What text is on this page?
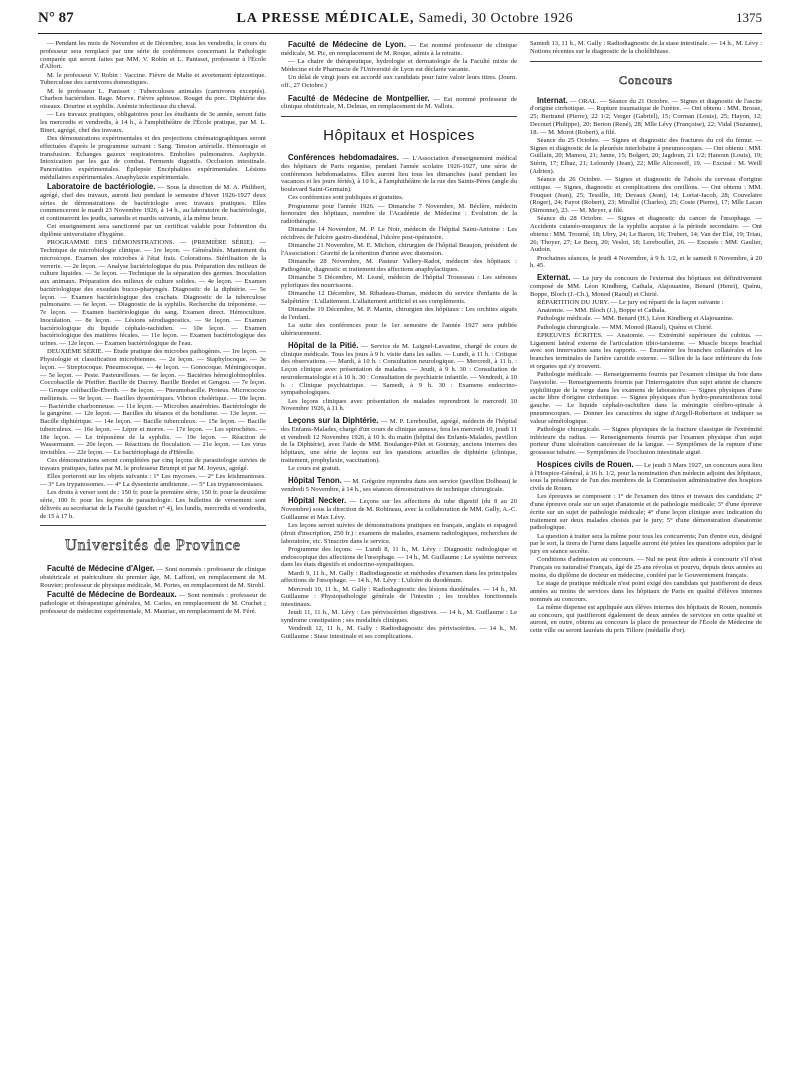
N° 87	LA PRESSE MÉDICALE, Samedi, 30 Octobre 1926	1375

— Pendant les mois de Novembre et de Décembre, tous les vendredis, le cours du professeur sera remplacé par une série de conférences concernant la Pathologie comparée qui seront faites par MM. V. Robin et L. Panisset, professeur à l'École d'Alfort.

M. le professeur V. Robin : Vaccine. Fièvre de Malte et avortement épizootique. Tuberculose des carnivores domestiques.

M. le professeur L. Panisset : Tuberculoses animales (carnivores exceptés). Charbon bactéridien. Rage. Morve. Fièvre aphteuse. Rouget du porc. Diphtérie des oiseaux. Dourine et syphilis. Anémie infectieuse du cheval.

— Les travaux pratiques, obligatoires pour les étudiants de 3e année, seront faits les mercredis et vendredis, à 14 h., à l'amphithéâtre de l'École pratique, par M. L. Binet, agrégé, chef des travaux.

Des démonstrations expérimentales et des projections cinématographiques seront effectuées d'après le programme suivant : Sang. Tension artérielle. Hémorragie et transfusion. Échanges gazeux respiratoires. Embolies pulmonaires. Asphyxie. Intoxication par les gaz de combat. Ferments digestifs. Occlusion intestinale. Pancréatites expérimentales. Épilepsie Encéphalites expérimentales. Lésions médullaires expérimentales. Anaphylaxie expérimentale.

Laboratoire de bactériologie. — Sous la direction de M. A. Philibert, agrégé, chef des travaux, auront lieu pendant le semestre d'hiver 1926-1927 deux séries de démonstrations de bactériologie avec travaux pratiques. Elles commenceront le mardi 23 Novembre 1926, à 14 h., au laboratoire de bactériologie, et continueront les jeudis, samedis et mardis suivants, à la même heure.

Cet enseignement sera sanctionné par un certificat valable pour l'obtention du diplôme universitaire d'hygiène.

PROGRAMME DES DÉMONSTRATIONS. — (PREMIÈRE SÉRIE). — Technique de microbiologie clinique. — 1re leçon. — Généralités. Maniement du microscope. Examen des microbes à l'état frais. Colorations. Stérilisation de la verrerie. — 2e leçon. — Analyse bactériologique du pus. Préparation des milieux de culture liquides. — 3e leçon. — Technique de la séparation des germes. Inoculation aux animaux. Préparation des milieux de culture solides. — 4e leçon. — Examen bactériologique des exsudats bucco-pharyngés. Diagnostic de la diphtérie. — 5e leçon. — Examen bactériologique des crachats. Diagnostic de la tuberculose pulmonaire. — 6e leçon. — Diagnostic de la syphilis. Recherche du tréponème. — 7e leçon. — Examen bactériologique du sang. Examen direct. Hémoculture. Inoculation. — 8e leçon. — Lésions sérodiagnostics. — 9e leçon. — Examen bactériologique du liquide céphalo-rachidien. — 10e leçon. — Examen bactériologique des matières fécales. — 11e leçon. — Examen bactériologique des urines. — 12e leçon. — Examen bactériologique de l'eau.

DEUXIÈME SÉRIE. — Étude pratique des microbes pathogènes. — 1re leçon. — Physiologie et classification microbiennes. — 2e leçon. — Staphylocoque. — 3e leçon. — Streptocoque. Pneumocoque. — 4e leçon. — Gonocoque. Méningocoque. — 5e leçon. — Peste. Pasteurelloses. — 6e leçon. — Bactéries hémoglobinophiles. Coccobacille de Pfeiffer. Bacille de Ducrey. Bacille Bordet et Gengou. — 7e leçon. — Groupe colibacille-Eberth. — 8e leçon. — Pneumobacille. Proteus. Micrococcus melitensis. — 9e leçon. — Bacilles dysentériques. Vibrion cholérique. — 10e leçon. — Bactéridie charbonneuse. — 11e leçon. — Microbes anaérobies. Bactériologie de la gangrène. — 12e leçon. — Bacilles du tétanos et du botulisme. — 13e leçon. — Bacille diphtérique. — 14e leçon. — Bacille tuberculeux. — 15e leçon. — Bacille tuberculeux. — 16e leçon. — Lèpre et morve. — 17e leçon. — Les spirochètes. — 18e leçon. — Le tréponème de la syphilis. — 19e leçon. — Réaction de Wassermann. — 20e leçon. — Réactions de floculation. — 21e leçon. — Les virus invisibles. — 22e leçon. — Le bactériophage de d'Hérelle.

Ces démonstrations seront complétées par cinq leçons de parasitologie suivies de travaux pratiques, faites par M. le professeur Brumpt et par M. Joyeux, agrégé.

Elles porteront sur les objets suivants : 1° Les mycoses. — 2° Les leishmanioses. — 3° Les trypanosomes. — 4° La dysenterie amibienne. — 5° Les trypanosomiases.

Les droits à verser sont de : 150 fr. pour la première série, 150 fr. pour la deuxième série, 100 fr. pour les leçons de parasitologie. Les bulletins de versement sont délivrés au secrétariat de la Faculté (guichet n° 4), les lundis, mercredis et vendredis, de 15 à 17 h.

Universités de Province

Faculté de Médecine d'Alger. — Sont nommés : professeur de clinique obstétricale et puériculture du premier âge, M. Laffont, en remplacement de M. Rouvier; professeur de physique médicale, M. Portes, en remplacement de M. Strohl.

Faculté de Médecine de Bordeaux. — Sont nommés : professeur de pathologie et thérapeutique générales, M. Carles, en remplacement de M. Cruchet ; professeur de médecine expérimentale, M. Mauriac, en remplacement de M. Féré.

Faculté de Médecine de Lyon. — Est nommé professeur de clinique médicale, M. Pic, en remplacement de M. Roque, admis à la retraite.

— La chaire de thérapeutique, hydrologie et dermatologie de la Faculté mixte de Médecine et de Pharmacie de l'Université de Lyon est déclarée vacante.

Un délai de vingt jours est accordé aux candidats pour faire valoir leurs titres. (Journ. off., 27 Octobre.)

Faculté de Médecine de Montpellier. — Est nommé professeur de clinique obstétricale, M. Delmas, en remplacement de M. Vallois.

Hôpitaux et Hospices

Conférences hebdomadaires. — L'Association d'enseignement médical des hôpitaux de Paris organise, pendant l'année scolaire 1926-1927, une série de conférences hebdomadaires. Elles auront lieu tous les dimanches (sauf pendant les vacances et les jours fériés), à 10 h., à l'amphithéâtre de la rue des Saints-Pères (angle du boulevard Saint-Germain).

Ces conférences sont publiques et gratuites.

Programme pour l'année 1926. — Dimanche 7 Novembre, M. Béclère, médecin honoraire des hôpitaux, membre de l'Académie de Médecine : Évolution de la radiothérapie.

Dimanche 14 Novembre, M. P. Le Noir, médecin de l'hôpital Saint-Antoine : Les récidives de l'ulcère gastro-duodénal, l'ulcère post-opératoire.

Dimanche 21 Novembre, M. E. Michon, chirurgien de l'hôpital Beaujon, président de l'Association : Gravité de la rétention d'urine avec distension.

Dimanche 28 Novembre, M. Pasteur Vallery-Radot, médecin des hôpitaux : Pathogénie, diagnostic et traitement des affections anaphylactiques.

Dimanche 5 Décembre, M. Lesné, médecin de l'hôpital Trousseau : Les sténoses pyloriques des nourrissons.

Dimanche 12 Décembre, M. Ribadeau-Dumas, médecin du service d'enfants de la Salpêtrière : L'allaitement. L'allaitement artificiel et ses compléments.

Dimanche 19 Décembre, M. P. Martin, chirurgien des hôpitaux : Les orchites aiguës de l'enfant.

La suite des conférences pour le 1er semestre de l'année 1927 sera publiée ultérieurement.

Hôpital de la Pitié. — Service de M. Laignel-Lavastine, chargé de cours de clinique médicale. Tous les jours à 9 h. visite dans les salles. — Lundi, à 11 h. : Critique des observations. — Mardi, à 10 h. : Consultation neurologique. — Mercredi, à 11 h. : Leçon clinique avec présentation de malades. — Jeudi, à 9 h. 30 : Consultation de neurodermatologie et à 10 h. 30 : Consultation de psychiatrie infantile. — Vendredi, à 10 h. : Clinique psychiatrique. — Samedi, à 9 h. 30 : Examens endocrino-sympathologiques.

Les leçons cliniques avec présentation de malades reprendront le mercredi 10 Novembre 1926, à 11 h.

Leçons sur la Diphtérie. — M. P. Lereboullet, agrégé, médecin de l'hôpital des Enfants-Malades, chargé d'un cours de clinique annexe, fera les mercredi 10, jeudi 11 et vendredi 12 Novembre 1926, à 10 h. du matin (hôpital des Enfants-Malades, pavillon de la Diphtérie), avec l'aide de MM. Boulanger-Pilet et Gournay, anciens internes des hôpitaux, une série de leçons sur les questions actuelles de diphtérie (clinique, traitement, prophylaxie, vaccination).

Le cours est gratuit.

Hôpital Tenon. — M. Grégoire reprendra dans son service (pavillon Dolbeau) le vendredi 5 Novembre, à 14 h., ses séances démonstratives de technique chirurgicale.

Hôpital Necker. — Leçons sur les affections du tube digestif (du 8 au 20 Novembre) sous la direction de M. Robineau, avec la collaboration de MM. Gally, A.-C. Guillaume et Max Lévy.

Les leçons seront suivies de démonstrations pratiques en français, anglais et espagnol (droit d'inscription, 250 fr.) : examens de malades, examens radiologiques, recherches de laboratoire, etc. S'inscrire dans le service.

Programme des leçons. — Lundi 8, 11 h., M. Lévy : Diagnostic radiologique et endoscopique des affections de l'œsophage. — 14 h., M. Guillaume : Le système nerveux dans les états digestifs et endocrino-sympathiques.

Mardi 9, 11 h., M. Gally : Radiodiagnostic et méthodes d'examen dans les principales affections de l'œsophage. — 14 h., M. Lévy : L'ulcère du duodénum.

Mercredi 10, 11 h., M. Gally : Radiodiagnostic des lésions duodénales. — 14 h., M. Guillaume : Physiopathologie générale de l'intestin ; les troubles fonctionnels intestinaux.

Jeudi 11, 11 h., M. Lévy : Les périviscérites digestives. — 14 h., M. Guillaume : Le syndrome constipation ; ses modalités cliniques.

Vendredi 12, 11 h., M. Gally : Radiodiagnostic des périviscérites. — 14 h., M. Guillaume : Stase intestinale et ses complications.

Samedi 13, 11 h., M. Gally : Radiodiagnostic de la stase intestinale. — 14 h., M. Lévy : Notions récentes sur le diagnostic de la cholélithiase.

Concours

Internat. — ORAL. — Séance du 21 Octobre. — Signes et diagnostic de l'ascite d'origine cirrhotique. — Rupture traumatique de l'urètre. — Ont obtenu : MM. Brosse, 25; Bertrand (Pierre), 22 1/2; Verger (Gabriel), 15; Corman (Louis), 25; Hayon, 12; Decourt (Philippe), 20; Berton (René), 28; Mlle Lévy (Françoise), 22; Vidal (Suzanne), 18. — M. Morot (Robert), a filé.

Séance du 25 Octobre. — Signes et diagnostic des fractures du col du fémur. — Signes et diagnostic de la pleurésie interlobaire à pneumocoques. — Ont obtenu : MM. Guillain, 20; Mamou, 21; Janne, 15; Bolgert, 20; Jagdoun, 21 1/2; Hanoun (Louis), 19; Stérin, 17; Elbaz, 21; Lelourdy (Jean), 22; Mlle Alicossoff, 19. — Excusé : M. Weill (Adrien).

Séance du 26 Octobre. — Signes et diagnostic de l'abcès du cerveau d'origine otitique. — Signes, diagnostic et complications des oreillons. — Ont obtenu : MM. Fouquet (Jean), 25; Tessille, 18; Devaux (Jean), 14; Lortat-Jacob, 28; Couvelaire (Roger), 24; Fayot (Robert), 23; Mirallié (Charles), 25; Coste (Pierre), 17; Mlle Lacan (Simonne), 23. — M. Meyer, a filé.

Séance du 28 Octobre. — Signes et diagnostic du cancer de l'œsophage. — Accidents cutanéo-muqueux de la syphilis acquise à la période secondaire. — Ont obtenu : MM. Troumé, 18; Ubry, 24; Le Baron, 16; Trubert, 14; Van der Elst, 19; Triau, 26; Thoyer, 27; Le Becq, 20; Veslot, 18; Lereboullet, 26. — Excusés : MM. Gaulier, Audoin.

Prochaines séances, le jeudi 4 Novembre, à 9 h. 1/2, et le samedi 6 Novembre, à 20 h. 45.

Externat. — Le jury du concours de l'externat des hôpitaux est définitivement composé de MM. Léon Kindberg, Cathala, Alajouanine, Benard (Henri), Quénu, Boppe, Bloch (J.-Ch.), Monod (Raoul) et Chirié.

RÉPARTITION DU JURY. — Le jury est réparti de la façon suivante :

Anatomie. — MM. Bloch (J.), Boppe et Cathala.

Pathologie médicale. — MM. Benard (H.), Léon Kindberg et Alajouanine.

Pathologie chirurgicale. — MM. Monod (Raoul), Quénu et Chirié.

ÉPREUVES ÉCRITES. — Anatomie. — Extrémité supérieure du cubitus. — Ligament latéral externe de l'articulation tibio-tarsienne. — Muscle biceps brachial avec son innervation sans les rapports. — Énumérer les branches collatérales et les branches terminales de l'artère carotide externe. — Sillon de la face inférieure du foie et organes qui s'y trouvent.

Pathologie médicale. — Renseignements fournis par l'examen clinique du foie dans l'asystolie. — Renseignements fournis par l'interrogatoire d'un sujet atteint de chancre syphilitique de la verge dans les examens de laboratoire. — Signes physiques d'une ascite libre d'origine cirrhotique. — Signes physiques d'un hydro-pneumothorax total gauche. — Le liquide céphalo-rachidien dans la méningite cérébro-spinale à pneumocoques. — Donner les caractères du signe d'Argyll-Robertson et indiquer sa valeur séméiologique.

Pathologie chirurgicale. — Signes physiques de la fracture classique de l'extrémité inférieure du radius. — Renseignements fournis par l'examen physique d'un sujet porteur d'une ulcération cancéreuse de la langue. — Symptômes de la rupture d'une grossesse tubaire. — Symptômes de l'occlusion intestinale aiguë.

Hospices civils de Rouen. — Le jeudi 3 Mars 1927, un concours aura lieu à l'Hospice-Général, à 16 h. 1/2, pour la nomination d'un médecin adjoint des hôpitaux, sous la présidence de l'un des membres de la Commission administrative des hospices civils de Rouen.

Les épreuves se composent : 1° de l'examen des titres et travaux des candidats; 2° d'une épreuve orale sur un sujet d'anatomie et de pathologie médicale; 3° d'une épreuve écrite sur un sujet de pathologie médicale; 4° d'une leçon clinique avec indication du traitement sur deux malades choisis par le jury; 5° d'une démonstration d'anatomie pathologique.

La question à traiter sera la même pour tous les concurrents; l'un d'entre eux, désigné par le sort, la tirera de l'urne dans laquelle auront été jetées les questions adoptées par le jury en séance secrète.

Conditions d'admission au concours. — Nul ne peut être admis à concourir s'il n'est Français ou naturalisé Français, âgé de 25 ans révolus et pourvu, depuis deux années au moins, du diplôme de docteur en médecine, conféré par le Gouvernement français.

Le stage de pratique médicale n'est point exigé des candidats qui justifieront de deux années au moins de services dans les hôpitaux de Paris en qualité d'élèves internes nommés au concours.

La même dispense est appliquée aux élèves internes des hôpitaux de Rouen, nommés au concours, qui justifieront également de deux années de services en cette qualité et auront, en outre, obtenu au concours la place de prosecteur de l'École de Médecine de cette ville ou seront lauréats du prix Tillore (médaille d'or).
